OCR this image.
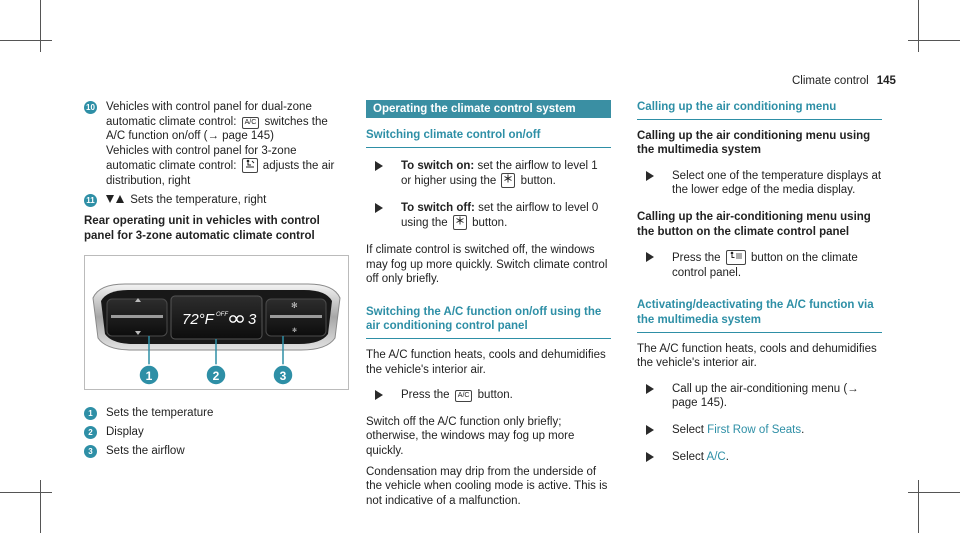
Climate control 145
10 Vehicles with control panel for dual-zone automatic climate control: A/C switches the A/C function on/off (→ page 145)
Vehicles with control panel for 3-zone automatic climate control: adjusts the air distribution, right
11	Sets the temperature, right
Rear operating unit in vehicles with control panel for 3-zone automatic climate control
72°F OFF 3
✻
✻
1	2	3
1	Sets the temperature
2	Display
3	Sets the airflow
Operating the climate control system
Switching climate control on/off
To switch on: set the airflow to level 1 or higher using the button.
To switch off: set the airflow to level 0 using the button.
If climate control is switched off, the windows may fog up more quickly. Switch climate control off only briefly.
Switching the A/C function on/off using the air conditioning control panel
The A/C function heats, cools and dehumidifies the vehicle's interior air.
Press the A/C button.
Switch off the A/C function only briefly; otherwise, the windows may fog up more quickly.
Condensation may drip from the underside of the vehicle when cooling mode is active. This is not indicative of a malfunction.
Calling up the air conditioning menu
Calling up the air conditioning menu using the multimedia system
Select one of the temperature displays at the lower edge of the media display.
Calling up the air-conditioning menu using the button on the climate control panel
Press the	button on the climate control panel.
Activating/deactivating the A/C function via the multimedia system
The A/C function heats, cools and dehumidifies the vehicle's interior air.
Call up the air-conditioning menu (→ page 145).
Select First Row of Seats.
Select A/C.
